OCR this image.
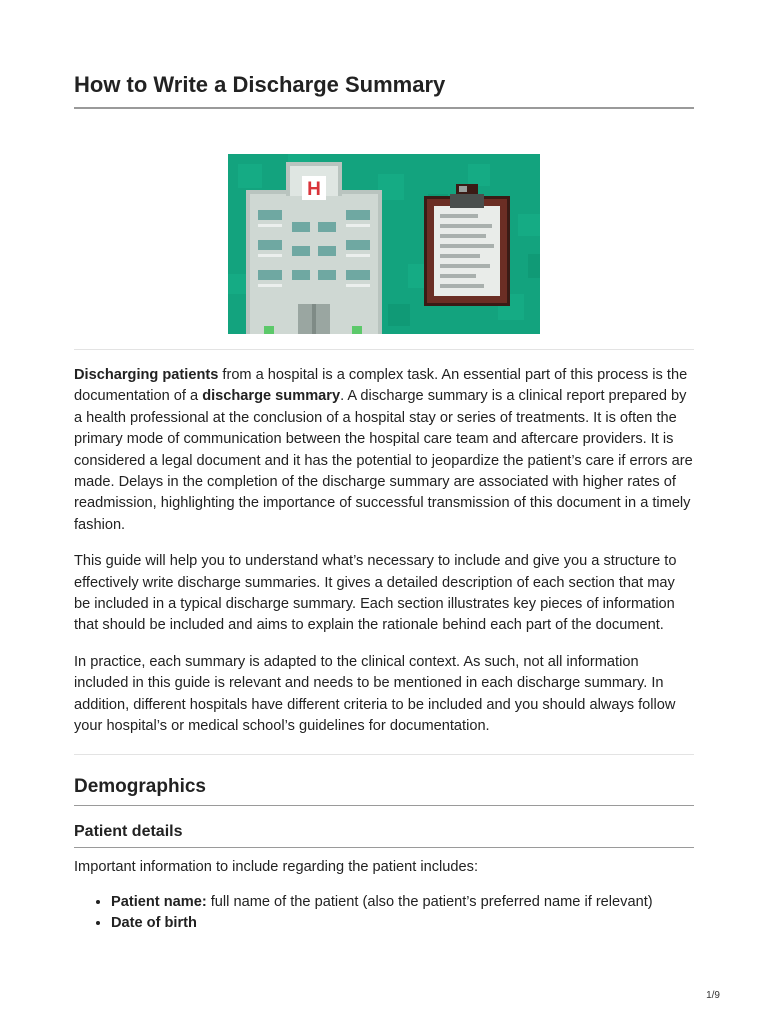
How to Write a Discharge Summary
H

Discharging patients from a hospital is a complex task. An essential part of this process is the documentation of a discharge summary. A discharge summary is a clinical report prepared by a health professional at the conclusion of a hospital stay or series of treatments. It is often the primary mode of communication between the hospital care team and aftercare providers. It is considered a legal document and it has the potential to jeopardize the patient’s care if errors are made. Delays in the completion of the discharge summary are associated with higher rates of readmission, highlighting the importance of successful transmission of this document in a timely fashion.

This guide will help you to understand what’s necessary to include and give you a structure to effectively write discharge summaries. It gives a detailed description of each section that may be included in a typical discharge summary. Each section illustrates key pieces of information that should be included and aims to explain the rationale behind each part of the document.

In practice, each summary is adapted to the clinical context. As such, not all information included in this guide is relevant and needs to be mentioned in each discharge summary. In addition, different hospitals have different criteria to be included and you should always follow your hospital’s or medical school’s guidelines for documentation.

Demographics
Patient details

Important information to include regarding the patient includes:

• Patient name: full name of the patient (also the patient’s preferred name if relevant)
• Date of birth
1/9
